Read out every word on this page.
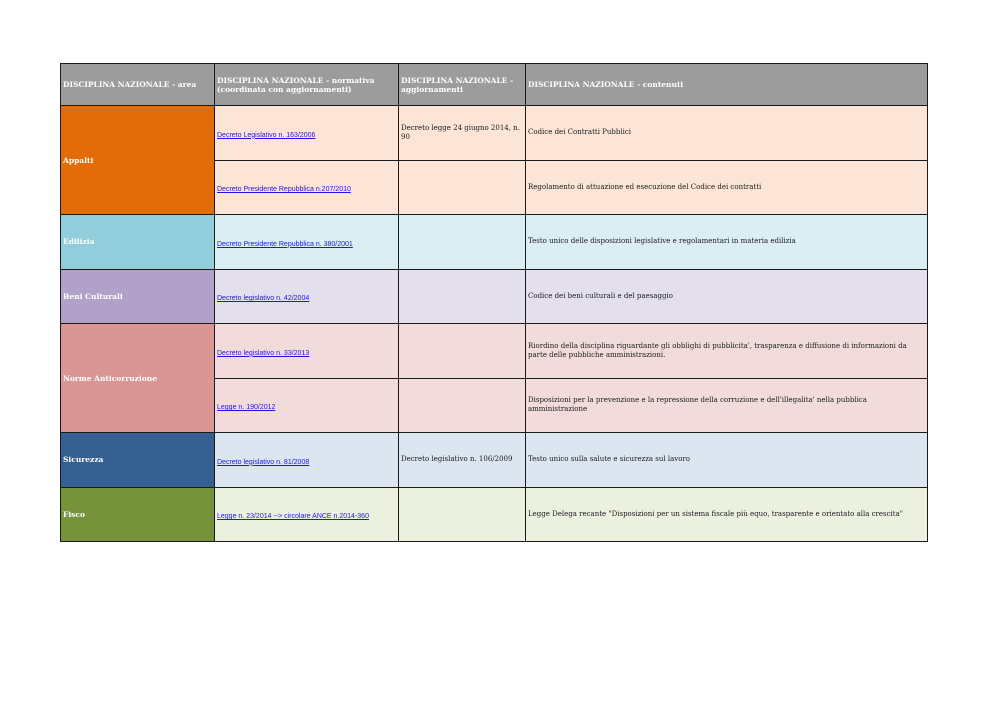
DISCIPLINA NAZIONALE - area	DISCIPLINA NAZIONALE - normativa (coordinata con aggiornamenti)	DISCIPLINA NAZIONALE - aggiornamenti	DISCIPLINA NAZIONALE - contenuti
Appalti	Decreto Legislativo n. 163/2006	Decreto legge 24 giugno 2014, n. 90	Codice dei Contratti Pubblici
	Decreto Presidente Repubblica n.207/2010		Regolamento di attuazione ed esecuzione del Codice dei contratti
Edilizia	Decreto Presidente Repubblica n. 380/2001		Testo unico delle disposizioni legislative e regolamentari in materia edilizia
Beni Culturali	Decreto legislativo n. 42/2004		Codice dei beni culturali e del paesaggio
Norme Anticorruzione	Decreto legislativo n. 33/2013		Riordino della disciplina riguardante gli obblighi di pubblicita', trasparenza e diffusione di informazioni da parte delle pubbliche amministrazioni.
	Legge n. 190/2012		Disposizioni per la prevenzione e la repressione della corruzione e dell'illegalita' nella pubblica amministrazione
Sicurezza	Decreto legislativo n. 81/2008	Decreto legislativo n. 106/2009	Testo unico sulla salute e sicurezza sul lavoro
Fisco	Legge n. 23/2014 --> circolare ANCE n.2014-360		Legge Delega recante "Disposizioni per un sistema fiscale più equo, trasparente e orientato alla crescita"
